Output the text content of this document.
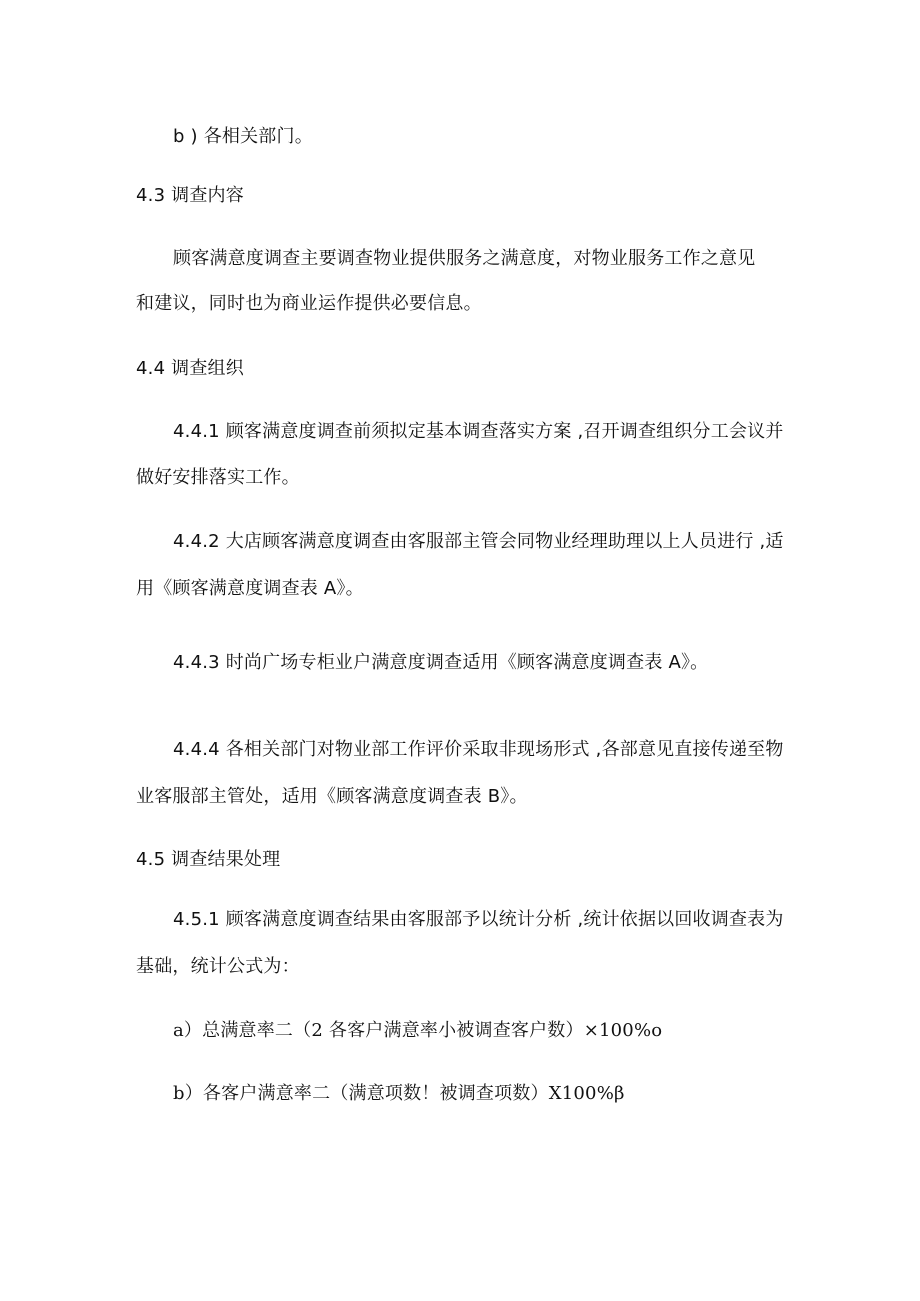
b ) 各相关部门。
4.3 调查内容
顾客满意度调查主要调查物业提供服务之满意度，对物业服务工作之意见
和建议，同时也为商业运作提供必要信息。
4.4 调查组织
4.4.1 顾客满意度调查前须拟定基本调查落实方案 ,召开调查组织分工会议并
做好安排落实工作。
4.4.2 大店顾客满意度调查由客服部主管会同物业经理助理以上人员进行 ,适
用《顾客满意度调查表 A》。
4.4.3 时尚广场专柜业户满意度调查适用《顾客满意度调查表 A》。
4.4.4 各相关部门对物业部工作评价采取非现场形式 ,各部意见直接传递至物
业客服部主管处，适用《顾客满意度调查表 B》。
4.5 调查结果处理
4.5.1 顾客满意度调查结果由客服部予以统计分析 ,统计依据以回收调查表为
基础，统计公式为：
a）总满意率二（2 各客户满意率小被调查客户数）×100%o
b）各客户满意率二（满意项数！被调查项数）X100%β
